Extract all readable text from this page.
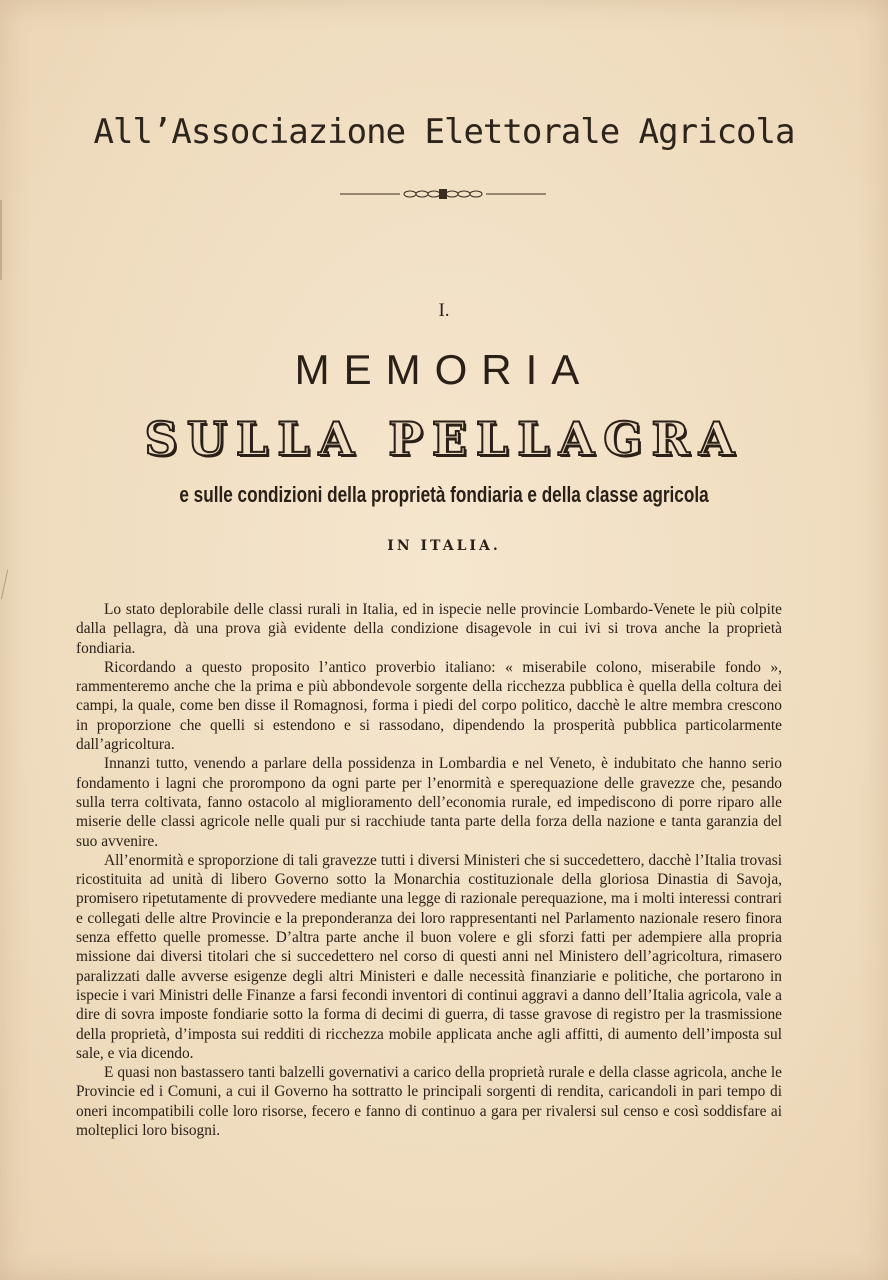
All’Associazione Elettorale Agricola
I.
MEMORIA
SULLA PELLAGRA
e sulle condizioni della proprietà fondiaria e della classe agricola
IN ITALIA.

Lo stato deplorabile delle classi rurali in Italia, ed in ispecie nelle provincie Lombardo-Venete le più colpite dalla pellagra, dà una prova già evidente della condizione disagevole in cui ivi si trova anche la proprietà fondiaria.

Ricordando a questo proposito l’antico proverbio italiano: « miserabile colono, miserabile fondo », rammenteremo anche che la prima e più abbondevole sorgente della ricchezza pubblica è quella della coltura dei campi, la quale, come ben disse il Romagnosi, forma i piedi del corpo politico, dacchè le altre membra crescono in proporzione che quelli si estendono e si rassodano, dipendendo la prosperità pubblica particolarmente dall’agricoltura.

Innanzi tutto, venendo a parlare della possidenza in Lombardia e nel Veneto, è indubitato che hanno serio fondamento i lagni che prorompono da ogni parte per l’enormità e sperequazione delle gravezze che, pesando sulla terra coltivata, fanno ostacolo al miglioramento dell’economia rurale, ed impediscono di porre riparo alle miserie delle classi agricole nelle quali pur si racchiude tanta parte della forza della nazione e tanta garanzia del suo avvenire.

All’enormità e sproporzione di tali gravezze tutti i diversi Ministeri che si succedettero, dacchè l’Italia trovasi ricostituita ad unità di libero Governo sotto la Monarchia costituzionale della gloriosa Dinastia di Savoja, promisero ripetutamente di provvedere mediante una legge di razionale perequazione, ma i molti interessi contrari e collegati delle altre Provincie e la preponderanza dei loro rappresentanti nel Parlamento nazionale resero finora senza effetto quelle promesse. D’altra parte anche il buon volere e gli sforzi fatti per adempiere alla propria missione dai diversi titolari che si succedettero nel corso di questi anni nel Ministero dell’agricoltura, rimasero paralizzati dalle avverse esigenze degli altri Ministeri e dalle necessità finanziarie e politiche, che portarono in ispecie i vari Ministri delle Finanze a farsi fecondi inventori di continui aggravi a danno dell’Italia agricola, vale a dire di sovra imposte fondiarie sotto la forma di decimi di guerra, di tasse gravose di registro per la trasmissione della proprietà, d’imposta sui redditi di ricchezza mobile applicata anche agli affitti, di aumento dell’imposta sul sale, e via dicendo.

E quasi non bastassero tanti balzelli governativi a carico della proprietà rurale e della classe agricola, anche le Provincie ed i Comuni, a cui il Governo ha sottratto le principali sorgenti di rendita, caricandoli in pari tempo di oneri incompatibili colle loro risorse, fecero e fanno di continuo a gara per rivalersi sul censo e così soddisfare ai molteplici loro bisogni.
